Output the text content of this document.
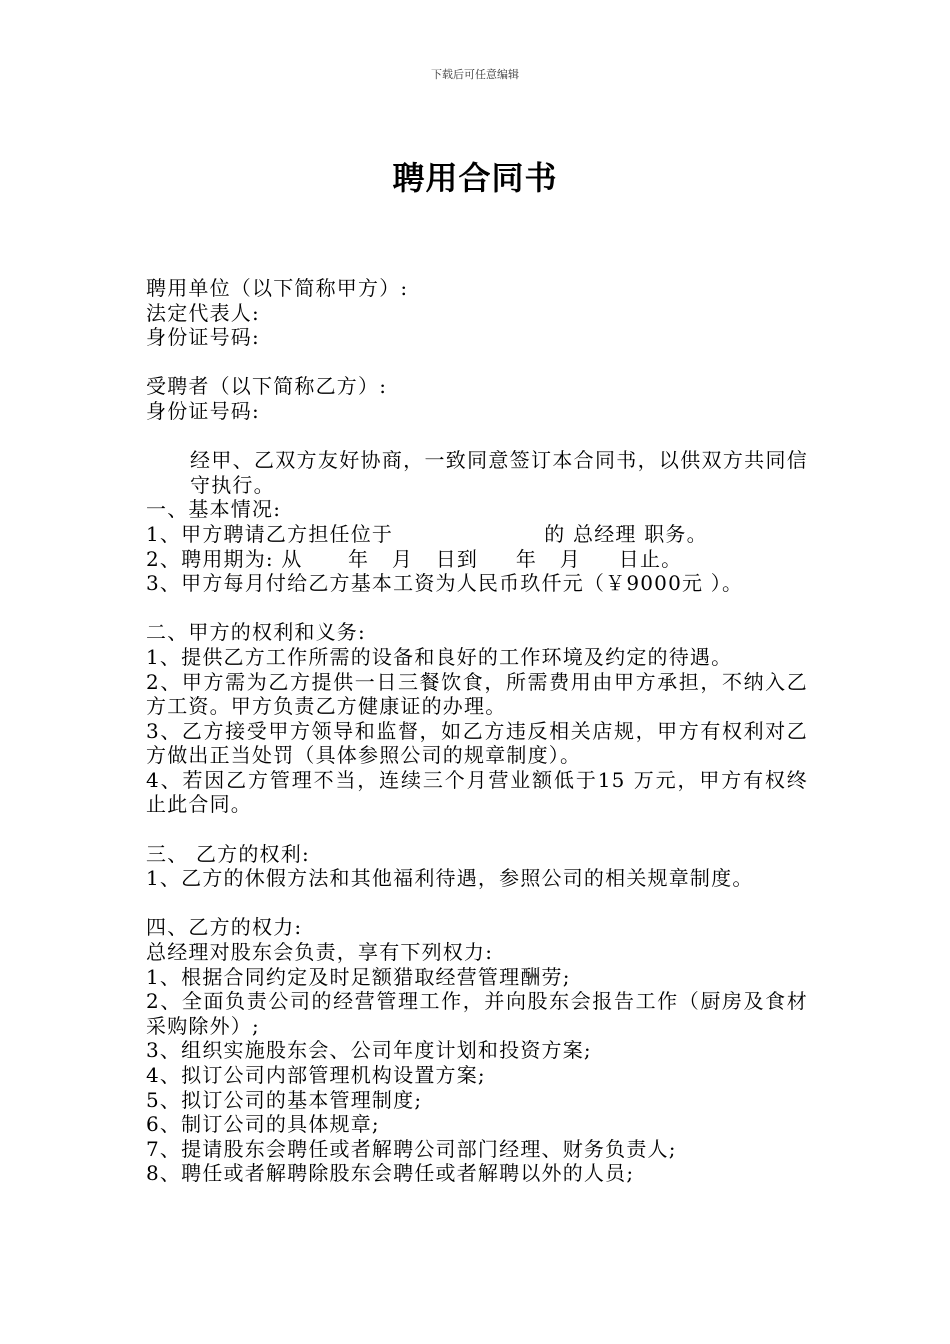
下载后可任意编辑
聘用合同书
聘用单位（以下简称甲方）:
法定代表人:
身份证号码:
受聘者（以下简称乙方）:
身份证号码:
经甲、乙双方友好协商，一致同意签订本合同书，以供双方共同信守执行。
一、基本情况:
1、甲方聘请乙方担任位于                    的 总经理 职务。
2、聘用期为: 从      年   月   日到     年   月     日止。
3、甲方每月付给乙方基本工资为人民币玖仟元（￥9000元 ）。
二、甲方的权利和义务:
1、提供乙方工作所需的设备和良好的工作环境及约定的待遇。
2、甲方需为乙方提供一日三餐饮食，所需费用由甲方承担，不纳入乙方工资。甲方负责乙方健康证的办理。
3、乙方接受甲方领导和监督，如乙方违反相关店规，甲方有权利对乙方做出正当处罚（具体参照公司的规章制度）。
4、若因乙方管理不当，连续三个月营业额低于15 万元，甲方有权终止此合同。
三、 乙方的权利:
1、乙方的休假方法和其他福利待遇，参照公司的相关规章制度。
四、乙方的权力:
总经理对股东会负责，享有下列权力:
1、根据合同约定及时足额猎取经营管理酬劳;
2、全面负责公司的经营管理工作，并向股东会报告工作（厨房及食材采购除外）;
3、组织实施股东会、公司年度计划和投资方案;
4、拟订公司内部管理机构设置方案;
5、拟订公司的基本管理制度;
6、制订公司的具体规章;
7、提请股东会聘任或者解聘公司部门经理、财务负责人;
8、聘任或者解聘除股东会聘任或者解聘以外的人员;
